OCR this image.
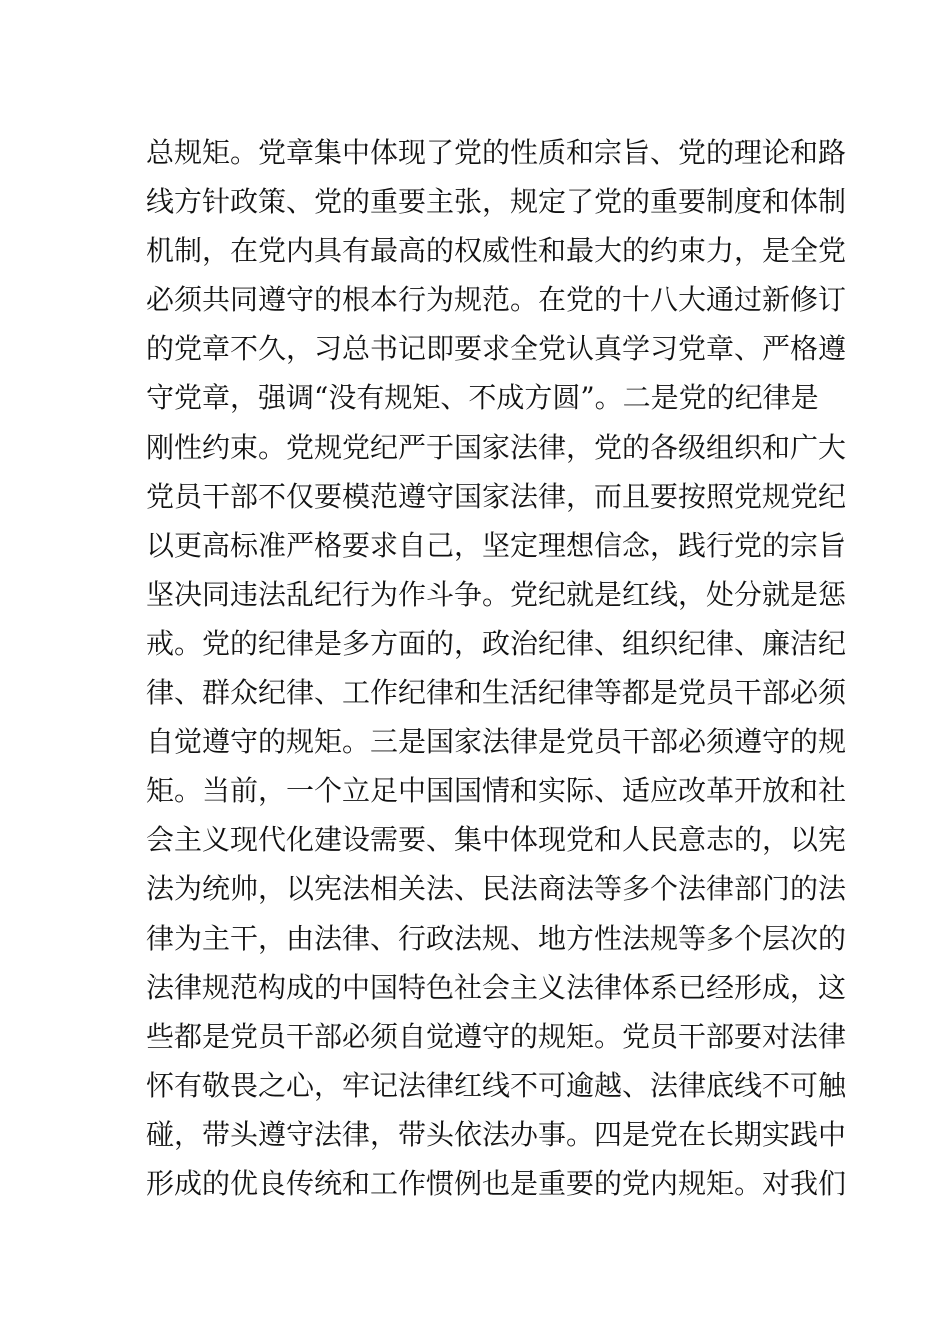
总规矩。党章集中体现了党的性质和宗旨、党的理论和路
线方针政策、党的重要主张，规定了党的重要制度和体制
机制，在党内具有最高的权威性和最大的约束力，是全党
必须共同遵守的根本行为规范。在党的十八大通过新修订
的党章不久，习总书记即要求全党认真学习党章、严格遵
守党章，强调“没有规矩、不成方圆”。二是党的纪律是
刚性约束。党规党纪严于国家法律，党的各级组织和广大
党员干部不仅要模范遵守国家法律，而且要按照党规党纪
以更高标准严格要求自己，坚定理想信念，践行党的宗旨
坚决同违法乱纪行为作斗争。党纪就是红线，处分就是惩
戒。党的纪律是多方面的，政治纪律、组织纪律、廉洁纪
律、群众纪律、工作纪律和生活纪律等都是党员干部必须
自觉遵守的规矩。三是国家法律是党员干部必须遵守的规
矩。当前，一个立足中国国情和实际、适应改革开放和社
会主义现代化建设需要、集中体现党和人民意志的，以宪
法为统帅，以宪法相关法、民法商法等多个法律部门的法
律为主干，由法律、行政法规、地方性法规等多个层次的
法律规范构成的中国特色社会主义法律体系已经形成，这
些都是党员干部必须自觉遵守的规矩。党员干部要对法律
怀有敬畏之心，牢记法律红线不可逾越、法律底线不可触
碰，带头遵守法律，带头依法办事。四是党在长期实践中
形成的优良传统和工作惯例也是重要的党内规矩。对我们
